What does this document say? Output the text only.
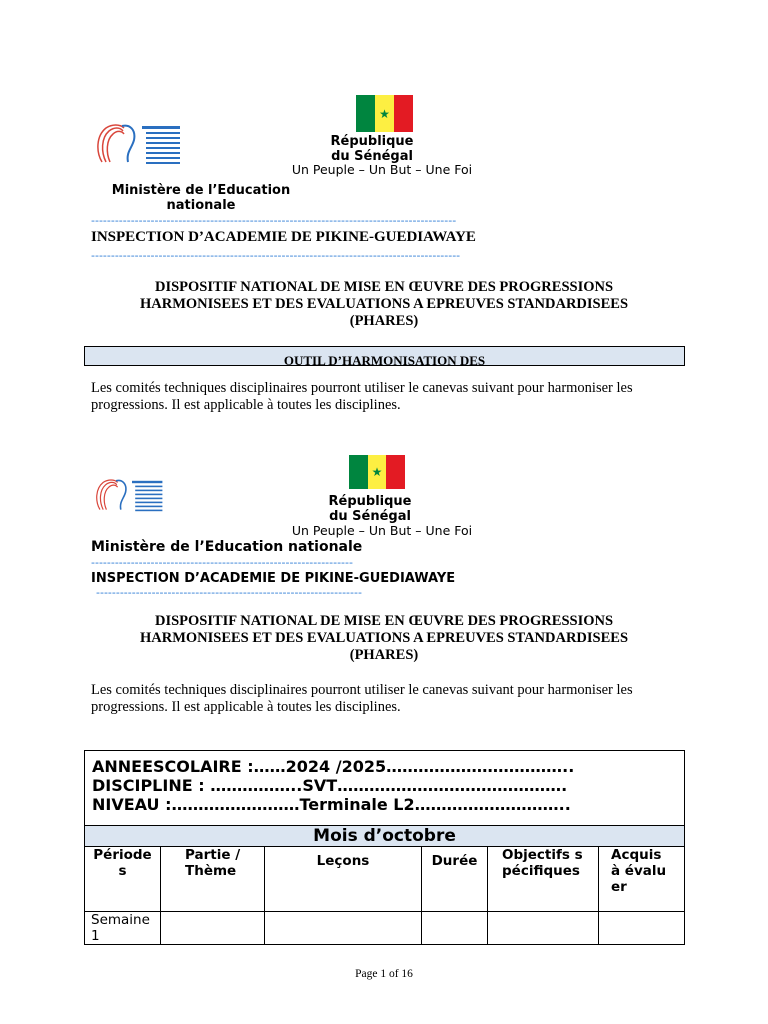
★
République du Sénégal
Un Peuple – Un But – Une Foi
Ministère de l’Education nationale
--------------------------------------------------------------------------------------------
INSPECTION D’ACADEMIE DE PIKINE-GUEDIAWAYE
---------------------------------------------------------------------------------------------
DISPOSITIF NATIONAL DE MISE EN ŒUVRE DES PROGRESSIONS HARMONISEES ET DES EVALUATIONS A EPREUVES STANDARDISEES (PHARES)
OUTIL D’HARMONISATION DES
Les comités techniques disciplinaires pourront utiliser le canevas suivant pour harmoniser les progressions. Il est applicable à toutes les disciplines.
★
République du Sénégal
Un Peuple – Un But – Une Foi
Ministère de l’Education nationale
------------------------------------------------------------------
INSPECTION D’ACADEMIE DE PIKINE-GUEDIAWAYE
-------------------------------------------------------------------
DISPOSITIF NATIONAL DE MISE EN ŒUVRE DES PROGRESSIONS HARMONISEES ET DES EVALUATIONS A EPREUVES STANDARDISEES (PHARES)
Les comités techniques disciplinaires pourront utiliser le canevas suivant pour harmoniser les progressions. Il est applicable à toutes les disciplines.
ANNEESCOLAIRE :……2024 /2025……………………………..
DISCIPLINE : ……………..SVT…………………………………….
NIVEAU :……………………Terminale L2………………………..					

Mois d’octobre					

Périodes	Partie / Thème	Leçons	Durée	Objectifs spécifiques	Acquis à évaluer

Semaine 1					

Page 1 of 16
